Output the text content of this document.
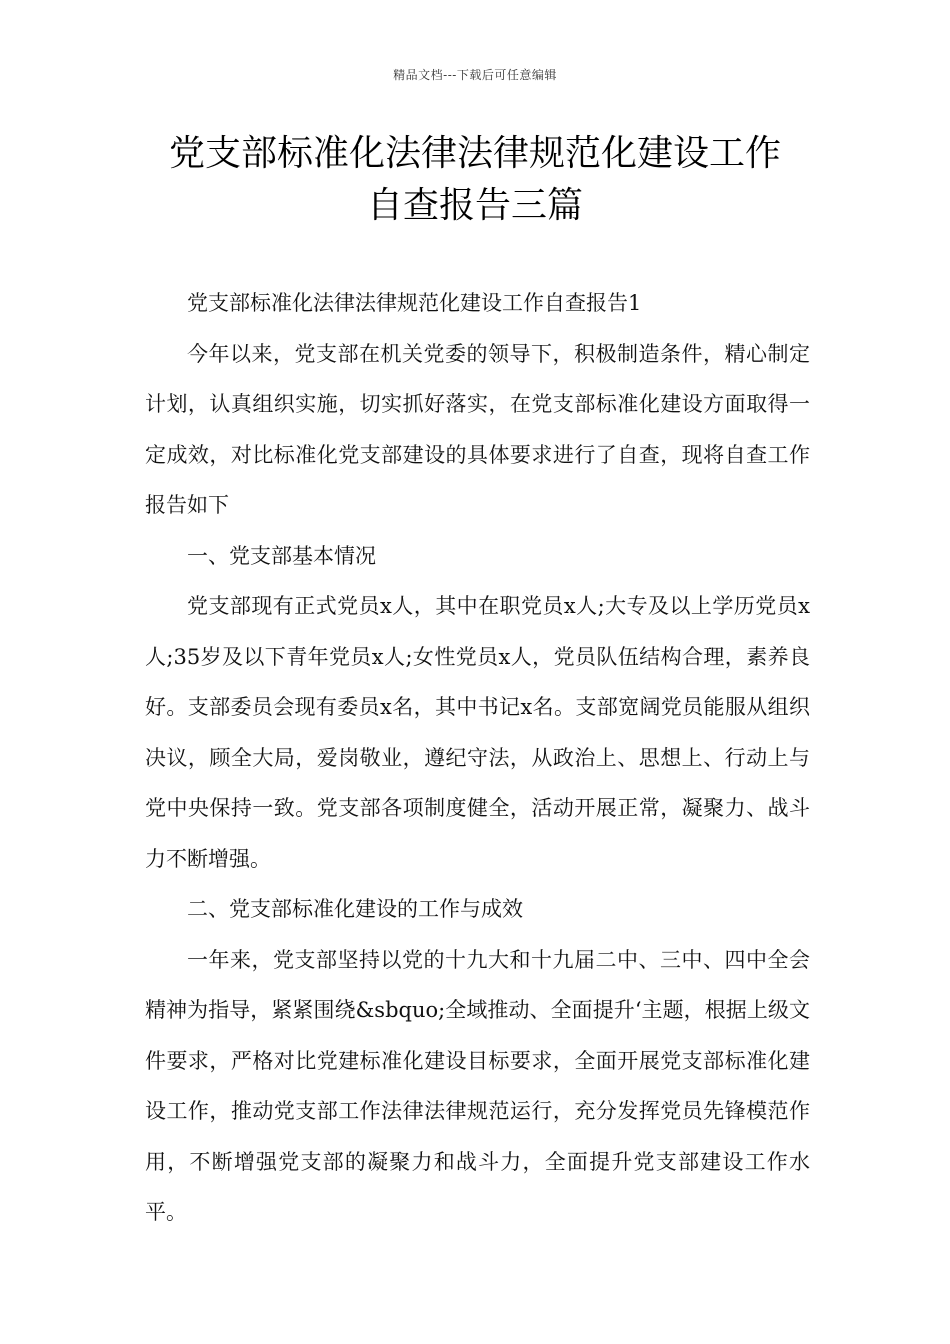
精品文档---下载后可任意编辑
党支部标准化法律法律规范化建设工作
自查报告三篇

党支部标准化法律法律规范化建设工作自查报告1

今年以来，党支部在机关党委的领导下，积极制造条件，精心制定计划，认真组织实施，切实抓好落实，在党支部标准化建设方面取得一定成效，对比标准化党支部建设的具体要求进行了自查，现将自查工作报告如下

一、党支部基本情况

党支部现有正式党员x人，其中在职党员x人;大专及以上学历党员x人;35岁及以下青年党员x人;女性党员x人，党员队伍结构合理，素养良好。支部委员会现有委员x名，其中书记x名。支部宽阔党员能服从组织决议，顾全大局，爱岗敬业，遵纪守法，从政治上、思想上、行动上与党中央保持一致。党支部各项制度健全，活动开展正常，凝聚力、战斗力不断增强。

二、党支部标准化建设的工作与成效

一年来，党支部坚持以党的十九大和十九届二中、三中、四中全会精神为指导，紧紧围绕&sbquo;全域推动、全面提升‘主题，根据上级文件要求，严格对比党建标准化建设目标要求，全面开展党支部标准化建设工作，推动党支部工作法律法律规范运行，充分发挥党员先锋模范作用，不断增强党支部的凝聚力和战斗力，全面提升党支部建设工作水平。
